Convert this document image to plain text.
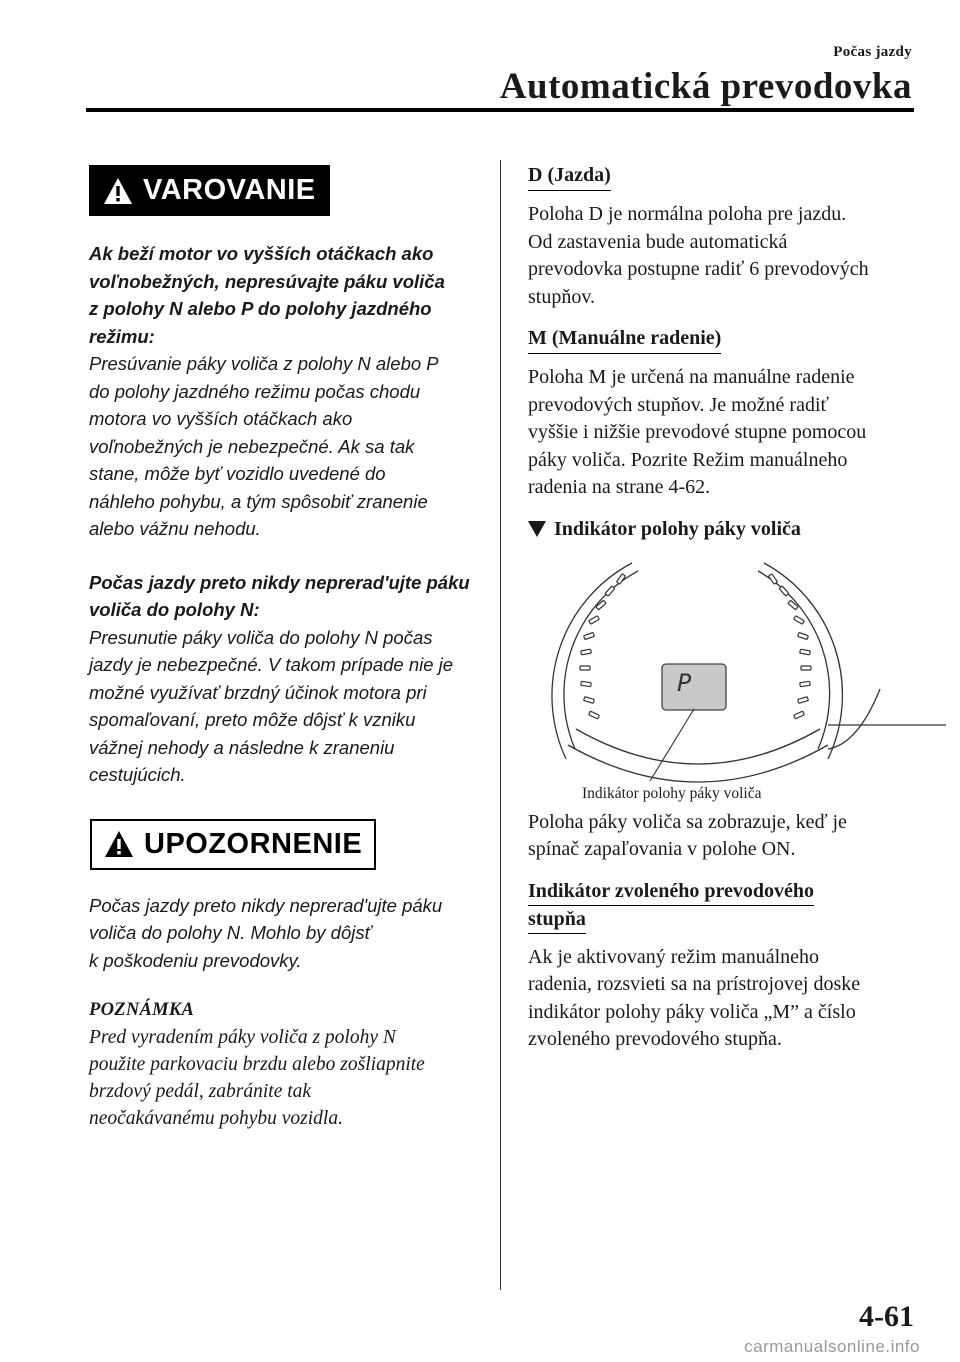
Počas jazdy
Automatická prevodovka
VAROVANIE
Ak beží motor vo vyšších otáčkach ako
voľnobežných, nepresúvajte páku voliča
z polohy N alebo P do polohy jazdného
režimu:
Presúvanie páky voliča z polohy N alebo P
do polohy jazdného režimu počas chodu
motora vo vyšších otáčkach ako
voľnobežných je nebezpečné. Ak sa tak
stane, môže byť vozidlo uvedené do
náhleho pohybu, a tým spôsobiť zranenie
alebo vážnu nehodu.
Počas jazdy preto nikdy neprerad'ujte páku
voliča do polohy N:
Presunutie páky voliča do polohy N počas
jazdy je nebezpečné. V takom prípade nie je
možné využívať brzdný účinok motora pri
spomaľovaní, preto môže dôjsť k vzniku
vážnej nehody a následne k zraneniu
cestujúcich.
UPOZORNENIE
Počas jazdy preto nikdy neprerad'ujte páku
voliča do polohy N. Mohlo by dôjsť
k poškodeniu prevodovky.
POZNÁMKA
Pred vyradením páky voliča z polohy N
použite parkovaciu brzdu alebo zošliapnite
brzdový pedál, zabránite tak
neočakávanému pohybu vozidla.
D (Jazda)
Poloha D je normálna poloha pre jazdu.
Od zastavenia bude automatická
prevodovka postupne radiť 6 prevodových
stupňov.
M (Manuálne radenie)
Poloha M je určená na manuálne radenie
prevodových stupňov. Je možné radiť
vyššie i nižšie prevodové stupne pomocou
páky voliča. Pozrite Režim manuálneho
radenia na strane 4-62.
Indikátor polohy páky voliča
P
Indikátor polohy páky voliča
Poloha páky voliča sa zobrazuje, keď je
spínač zapaľovania v polohe ON.
Indikátor zvoleného prevodového
stupňa
Ak je aktivovaný režim manuálneho
radenia, rozsvieti sa na prístrojovej doske
indikátor polohy páky voliča „M” a číslo
zvoleného prevodového stupňa.
4-61
carmanualsonline.info
